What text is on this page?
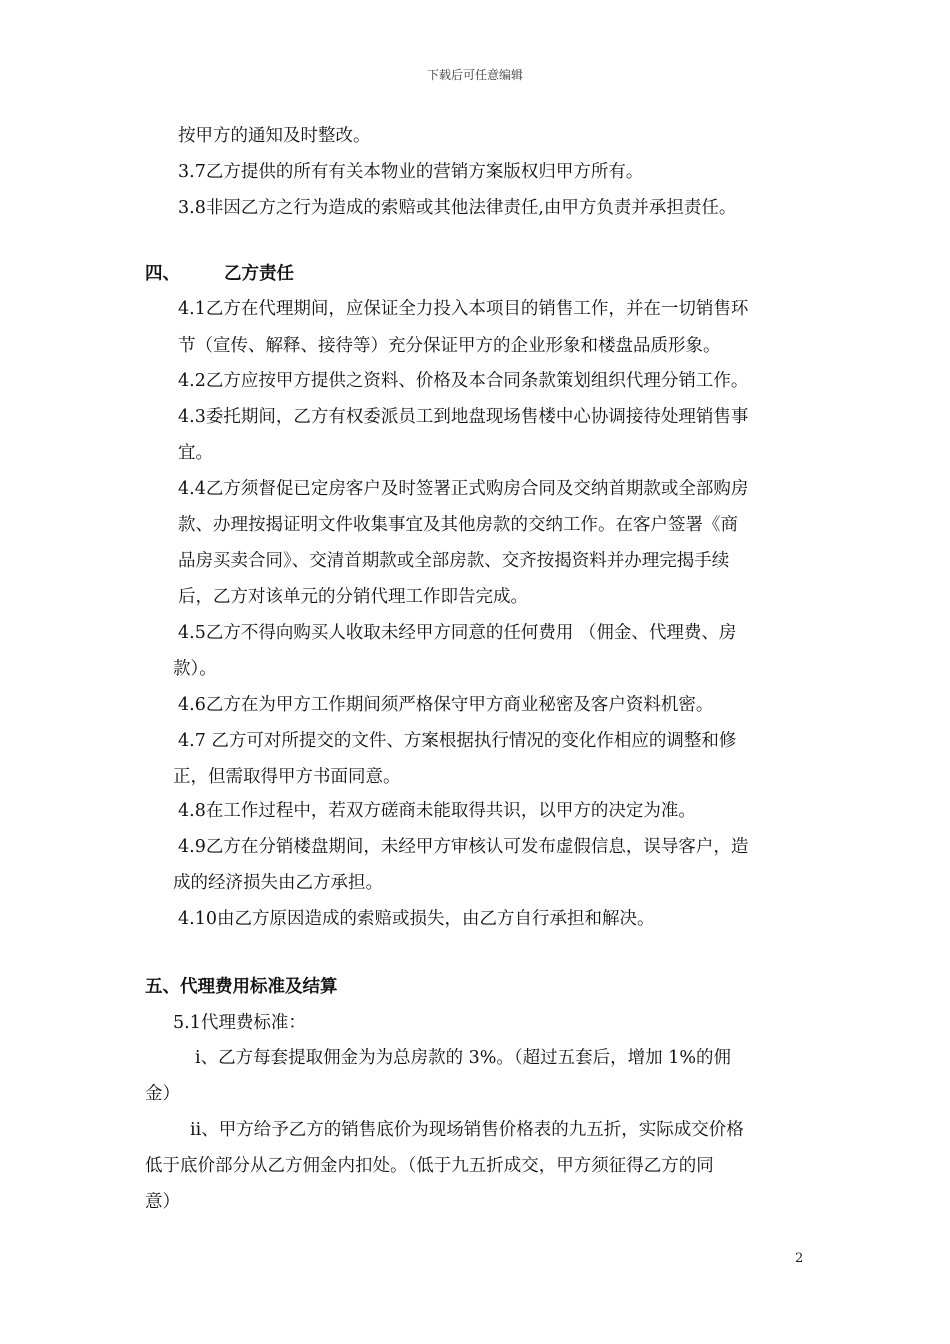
下载后可任意编辑
按甲方的通知及时整改。
3.7乙方提供的所有有关本物业的营销方案版权归甲方所有。
3.8非因乙方之行为造成的索赔或其他法律责任,由甲方负责并承担责任。
四、	乙方责任
4.1乙方在代理期间，应保证全力投入本项目的销售工作，并在一切销售环
节（宣传、解释、接待等）充分保证甲方的企业形象和楼盘品质形象。
4.2乙方应按甲方提供之资料、价格及本合同条款策划组织代理分销工作。
4.3委托期间，乙方有权委派员工到地盘现场售楼中心协调接待处理销售事
宜。
4.4乙方须督促已定房客户及时签署正式购房合同及交纳首期款或全部购房
款、办理按揭证明文件收集事宜及其他房款的交纳工作。在客户签署《商
品房买卖合同》、交清首期款或全部房款、交齐按揭资料并办理完揭手续
后，乙方对该单元的分销代理工作即告完成。
4.5乙方不得向购买人收取未经甲方同意的任何费用 （佣金、代理费、房
款）。
4.6乙方在为甲方工作期间须严格保守甲方商业秘密及客户资料机密。
4.7 乙方可对所提交的文件、方案根据执行情况的变化作相应的调整和修
正，但需取得甲方书面同意。
4.8在工作过程中，若双方磋商未能取得共识，以甲方的决定为准。
4.9乙方在分销楼盘期间，未经甲方审核认可发布虚假信息，误导客户，造
成的经济损失由乙方承担。
4.10由乙方原因造成的索赔或损失，由乙方自行承担和解决。
五、代理费用标准及结算
5.1代理费标准：
ⅰ、乙方每套提取佣金为为总房款的 3%。（超过五套后，增加 1%的佣
金）
ⅱ、甲方给予乙方的销售底价为现场销售价格表的九五折，实际成交价格
低于底价部分从乙方佣金内扣处。（低于九五折成交，甲方须征得乙方的同
意）
2
